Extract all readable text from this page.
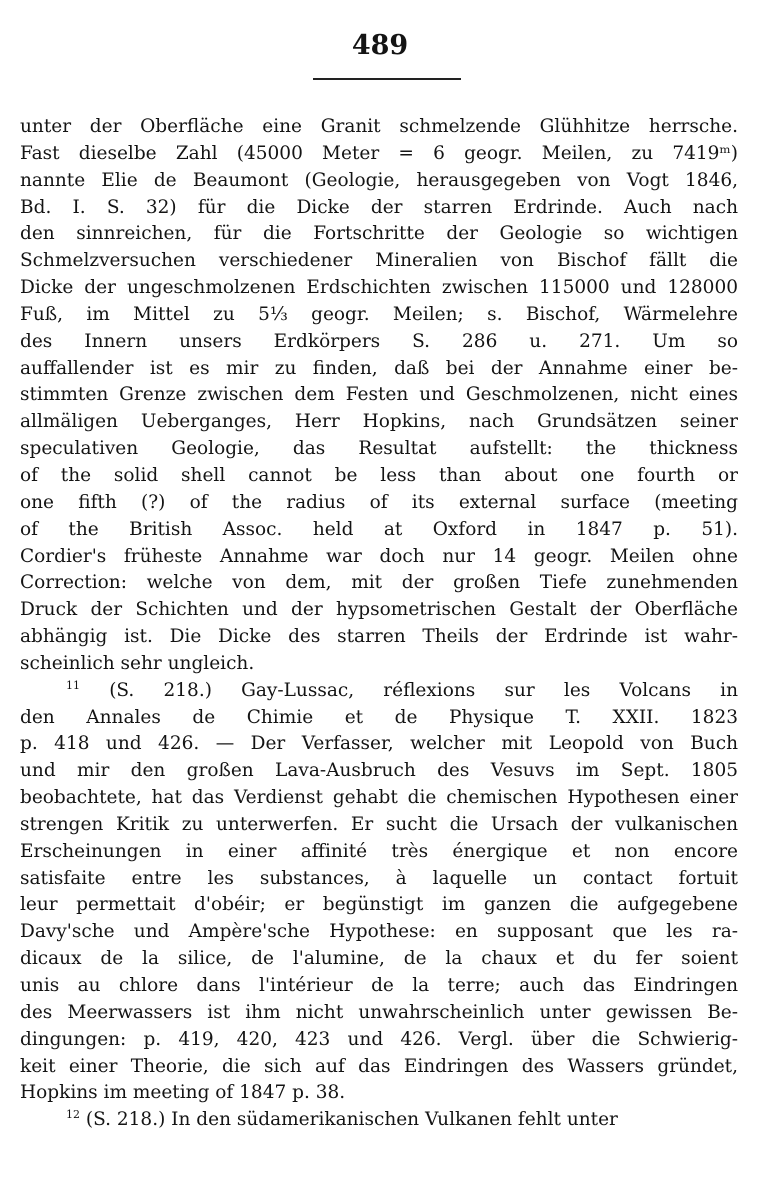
489
unter der Oberfläche eine Granit schmelzende Glühhitze herrsche.
Fast dieselbe Zahl (45000 Meter = 6 geogr. Meilen, zu 7419ᵐ)
nannte Elie de Beaumont (Geologie, herausgegeben von Vogt 1846,
Bd. I. S. 32) für die Dicke der starren Erdrinde. Auch nach
den sinnreichen, für die Fortschritte der Geologie so wichtigen
Schmelzversuchen verschiedener Mineralien von Bischof fällt die
Dicke der ungeschmolzenen Erdschichten zwischen 115000 und 128000
Fuß, im Mittel zu 5⅓ geogr. Meilen; s. Bischof, Wärmelehre
des Innern unsers Erdkörpers S. 286 u. 271. Um so
auffallender ist es mir zu finden, daß bei der Annahme einer be-
stimmten Grenze zwischen dem Festen und Geschmolzenen, nicht eines
allmäligen Ueberganges, Herr Hopkins, nach Grundsätzen seiner
speculativen Geologie, das Resultat aufstellt: the thickness
of the solid shell cannot be less than about one fourth or
one fifth (?) of the radius of its external surface (meeting
of the British Assoc. held at Oxford in 1847 p. 51).
Cordier's früheste Annahme war doch nur 14 geogr. Meilen ohne
Correction: welche von dem, mit der großen Tiefe zunehmenden
Druck der Schichten und der hypsometrischen Gestalt der Oberfläche
abhängig ist. Die Dicke des starren Theils der Erdrinde ist wahr-
scheinlich sehr ungleich.
$^{11}$ (S. 218.) Gay-Lussac, réflexions sur les Volcans in
den Annales de Chimie et de Physique T. XXII. 1823
p. 418 und 426. — Der Verfasser, welcher mit Leopold von Buch
und mir den großen Lava-Ausbruch des Vesuvs im Sept. 1805
beobachtete, hat das Verdienst gehabt die chemischen Hypothesen einer
strengen Kritik zu unterwerfen. Er sucht die Ursach der vulkanischen
Erscheinungen in einer affinité très énergique et non encore
satisfaite entre les substances, à laquelle un contact fortuit
leur permettait d'obéir; er begünstigt im ganzen die aufgegebene
Davy'sche und Ampère'sche Hypothese: en supposant que les ra-
dicaux de la silice, de l'alumine, de la chaux et du fer soient
unis au chlore dans l'intérieur de la terre; auch das Eindringen
des Meerwassers ist ihm nicht unwahrscheinlich unter gewissen Be-
dingungen: p. 419, 420, 423 und 426. Vergl. über die Schwierig-
keit einer Theorie, die sich auf das Eindringen des Wassers gründet,
Hopkins im meeting of 1847 p. 38.
$^{12}$ (S. 218.) In den südamerikanischen Vulkanen fehlt unter
